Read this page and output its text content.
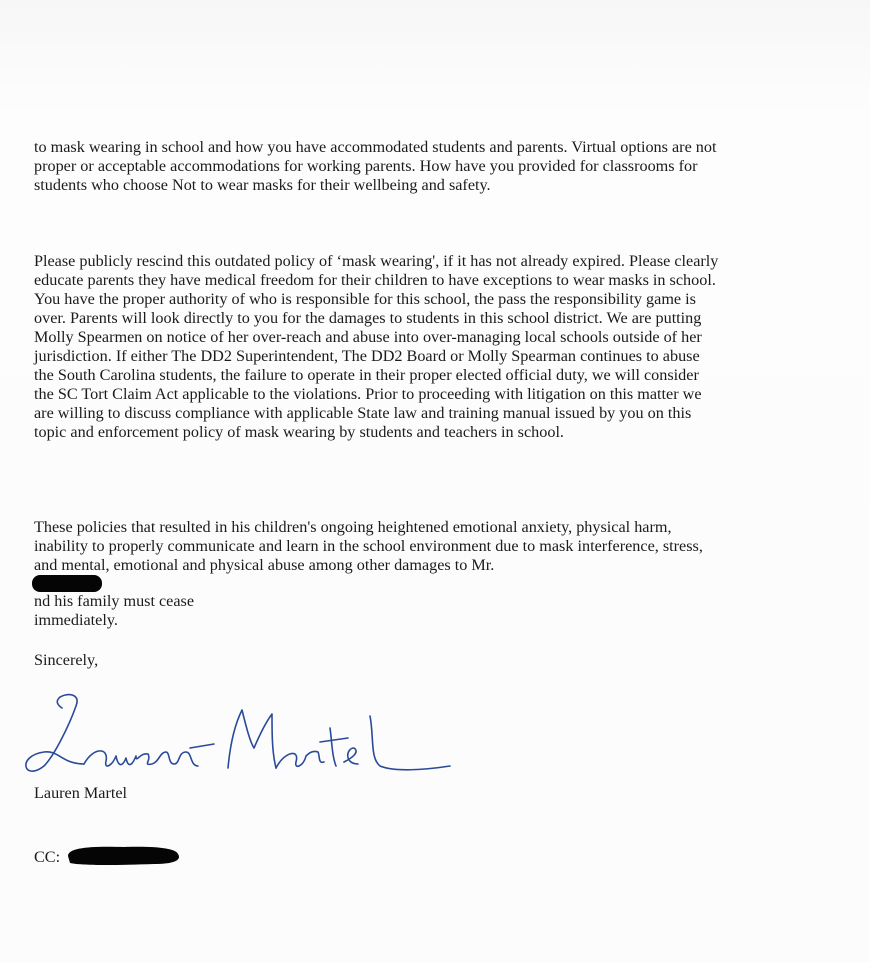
to mask wearing in school and how you have accommodated students and parents. Virtual options are not
proper or acceptable accommodations for working parents. How have you provided for classrooms for
students who choose Not to wear masks for their wellbeing and safety.

Please publicly rescind this outdated policy of ‘mask wearing', if it has not already expired. Please clearly
educate parents they have medical freedom for their children to have exceptions to wear masks in school.
You have the proper authority of who is responsible for this school, the pass the responsibility game is
over. Parents will look directly to you for the damages to students in this school district. We are putting
Molly Spearmen on notice of her over-reach and abuse into over-managing local schools outside of her
jurisdiction. If either The DD2 Superintendent, The DD2 Board or Molly Spearman continues to abuse
the South Carolina students, the failure to operate in their proper elected official duty, we will consider
the SC Tort Claim Act applicable to the violations. Prior to proceeding with litigation on this matter we
are willing to discuss compliance with applicable State law and training manual issued by you on this
topic and enforcement policy of mask wearing by students and teachers in school.

These policies that resulted in his children's ongoing heightened emotional anxiety, physical harm,
inability to properly communicate and learn in the school environment due to mask interference, stress,
and mental, emotional and physical abuse among other damages to Mr.
nd his family must cease
immediately.

Sincerely,
Lauren Martel
CC:
